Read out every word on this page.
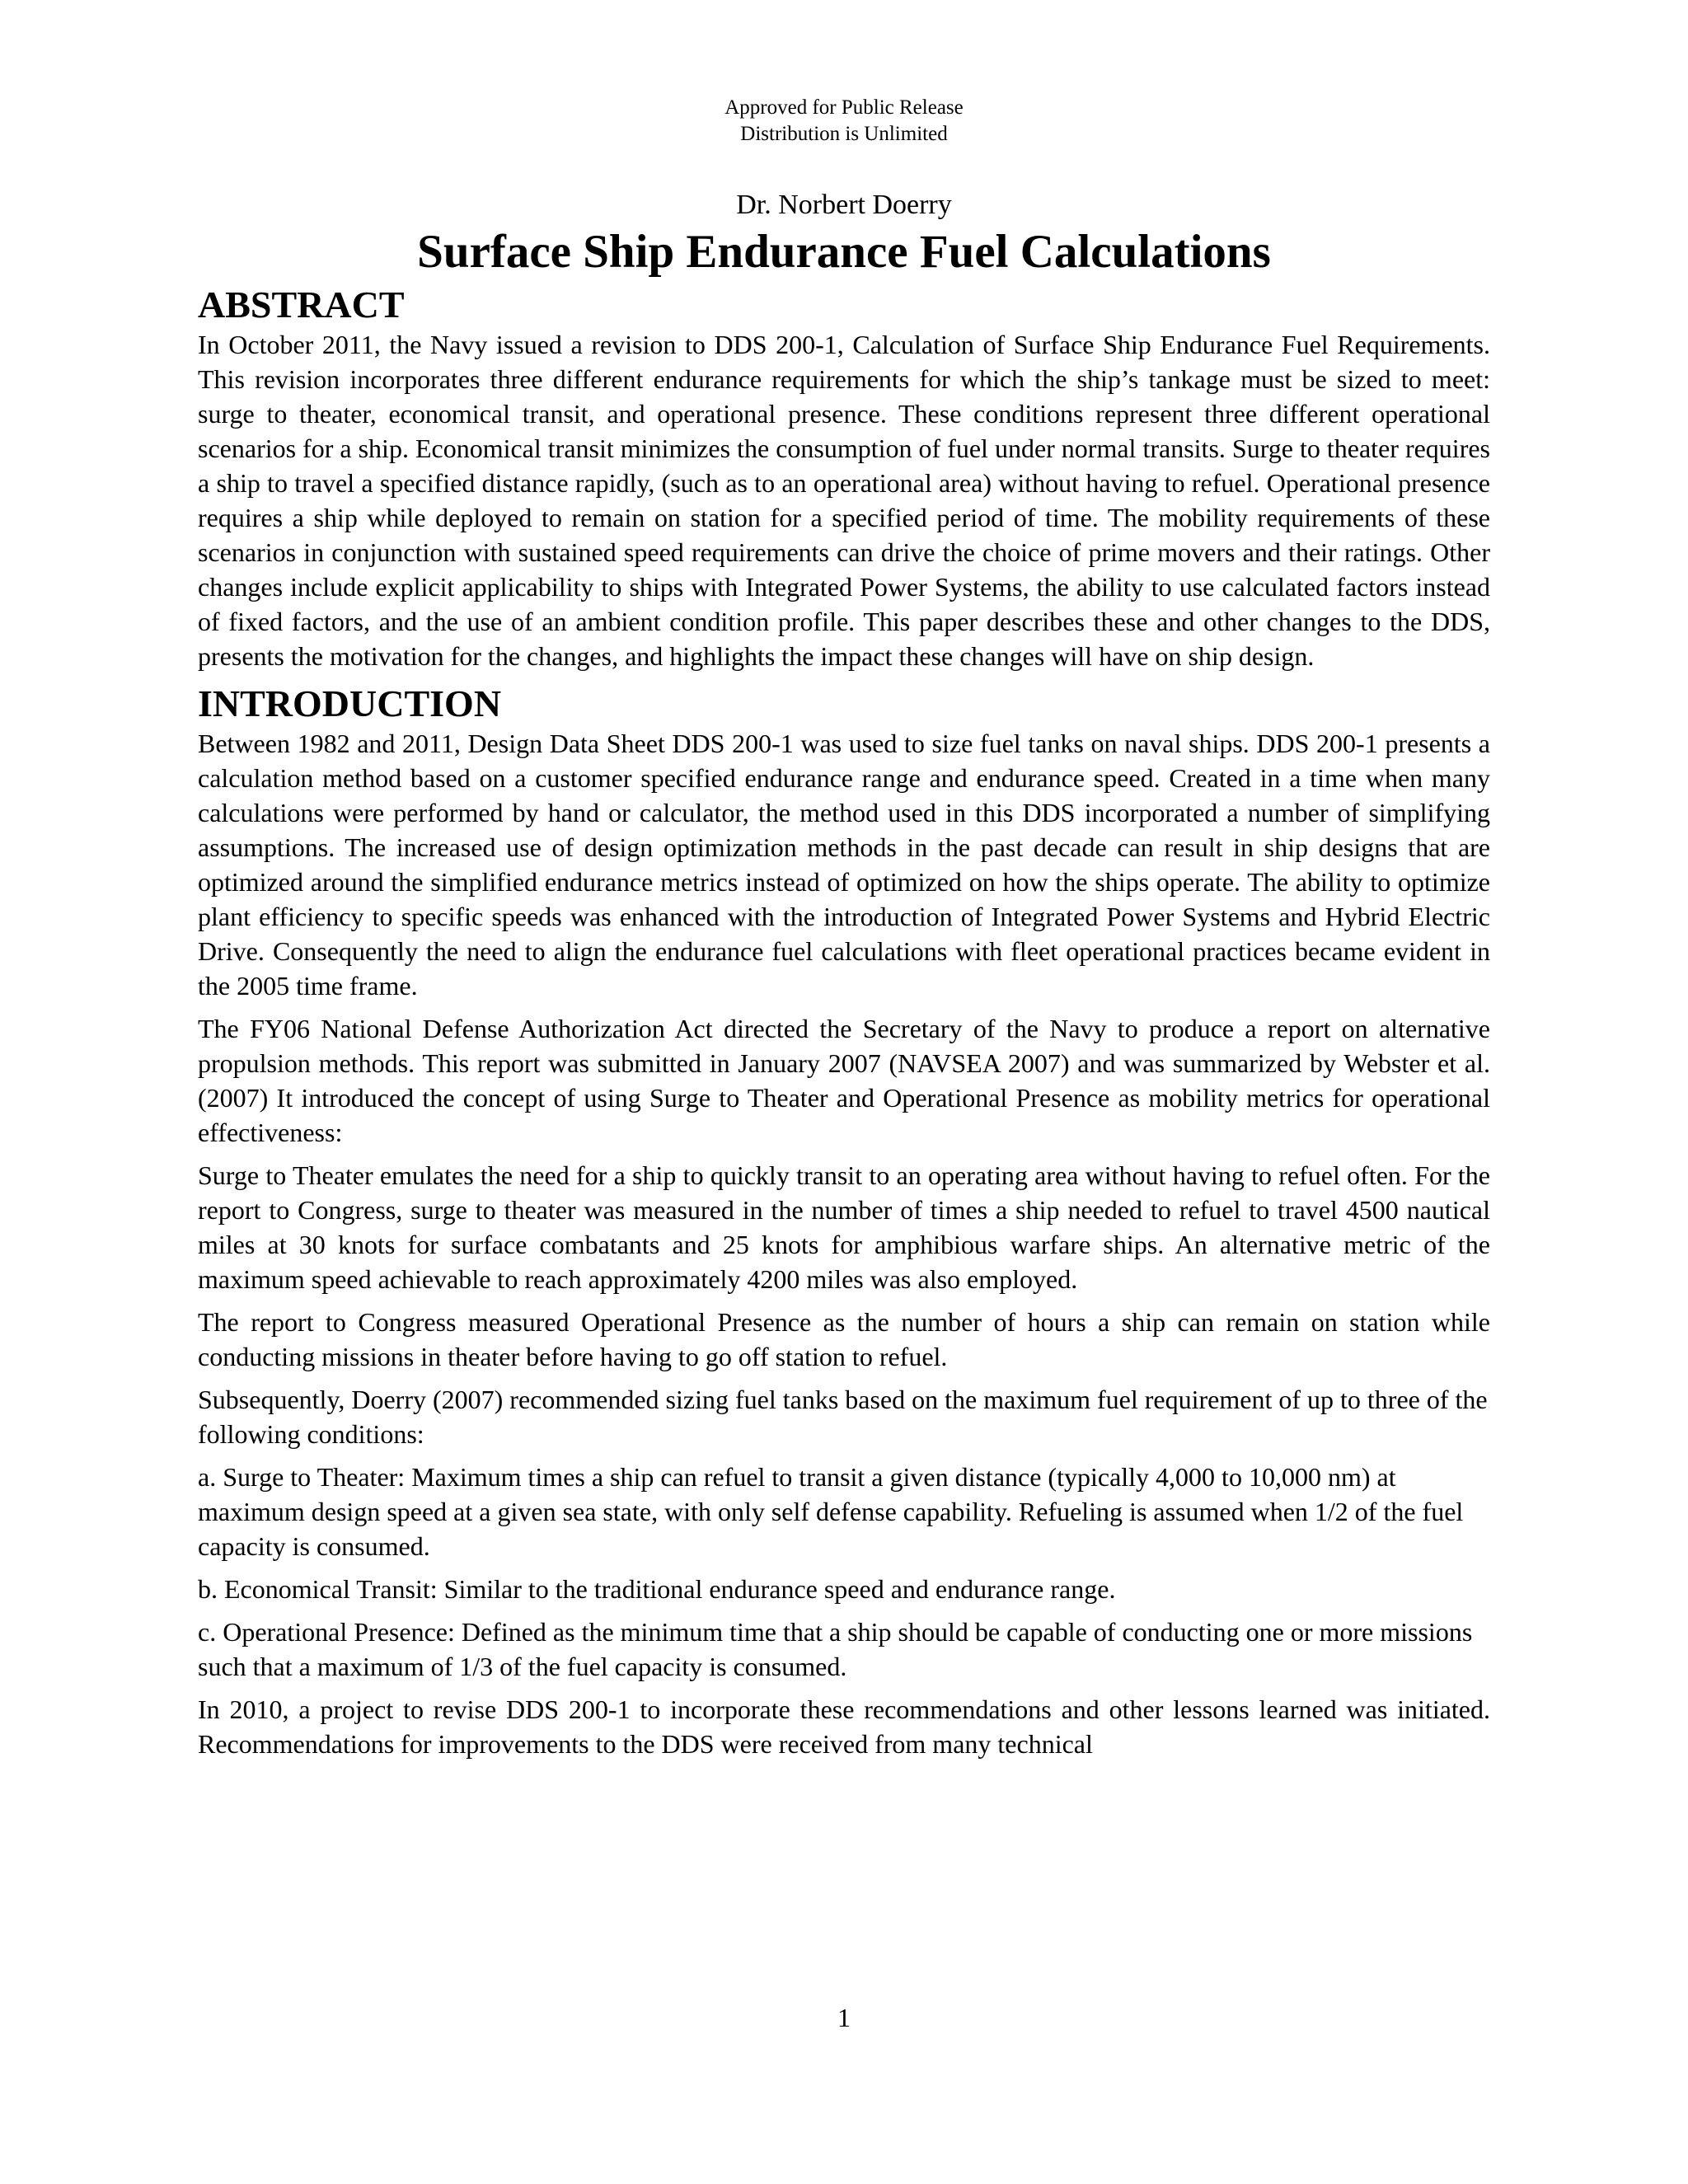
Approved for Public Release
Distribution is Unlimited
Dr. Norbert Doerry
Surface Ship Endurance Fuel Calculations
ABSTRACT

In October 2011, the Navy issued a revision to DDS 200-1, Calculation of Surface Ship Endurance Fuel Requirements. This revision incorporates three different endurance requirements for which the ship’s tankage must be sized to meet: surge to theater, economical transit, and operational presence. These conditions represent three different operational scenarios for a ship. Economical transit minimizes the consumption of fuel under normal transits. Surge to theater requires a ship to travel a specified distance rapidly, (such as to an operational area) without having to refuel. Operational presence requires a ship while deployed to remain on station for a specified period of time. The mobility requirements of these scenarios in conjunction with sustained speed requirements can drive the choice of prime movers and their ratings. Other changes include explicit applicability to ships with Integrated Power Systems, the ability to use calculated factors instead of fixed factors, and the use of an ambient condition profile. This paper describes these and other changes to the DDS, presents the motivation for the changes, and highlights the impact these changes will have on ship design.

INTRODUCTION

Between 1982 and 2011, Design Data Sheet DDS 200-1 was used to size fuel tanks on naval ships. DDS 200-1 presents a calculation method based on a customer specified endurance range and endurance speed. Created in a time when many calculations were performed by hand or calculator, the method used in this DDS incorporated a number of simplifying assumptions. The increased use of design optimization methods in the past decade can result in ship designs that are optimized around the simplified endurance metrics instead of optimized on how the ships operate. The ability to optimize plant efficiency to specific speeds was enhanced with the introduction of Integrated Power Systems and Hybrid Electric Drive. Consequently the need to align the endurance fuel calculations with fleet operational practices became evident in the 2005 time frame.

The FY06 National Defense Authorization Act directed the Secretary of the Navy to produce a report on alternative propulsion methods. This report was submitted in January 2007 (NAVSEA 2007) and was summarized by Webster et al. (2007) It introduced the concept of using Surge to Theater and Operational Presence as mobility metrics for operational effectiveness:

Surge to Theater emulates the need for a ship to quickly transit to an operating area without having to refuel often. For the report to Congress, surge to theater was measured in the number of times a ship needed to refuel to travel 4500 nautical miles at 30 knots for surface combatants and 25 knots for amphibious warfare ships. An alternative metric of the maximum speed achievable to reach approximately 4200 miles was also employed.

The report to Congress measured Operational Presence as the number of hours a ship can remain on station while conducting missions in theater before having to go off station to refuel.

Subsequently, Doerry (2007) recommended sizing fuel tanks based on the maximum fuel requirement of up to three of the following conditions:

a. Surge to Theater: Maximum times a ship can refuel to transit a given distance (typically 4,000 to 10,000 nm) at maximum design speed at a given sea state, with only self defense capability. Refueling is assumed when 1/2 of the fuel capacity is consumed.

b. Economical Transit: Similar to the traditional endurance speed and endurance range.

c. Operational Presence: Defined as the minimum time that a ship should be capable of conducting one or more missions such that a maximum of 1/3 of the fuel capacity is consumed.

In 2010, a project to revise DDS 200-1 to incorporate these recommendations and other lessons learned was initiated. Recommendations for improvements to the DDS were received from many technical

1
